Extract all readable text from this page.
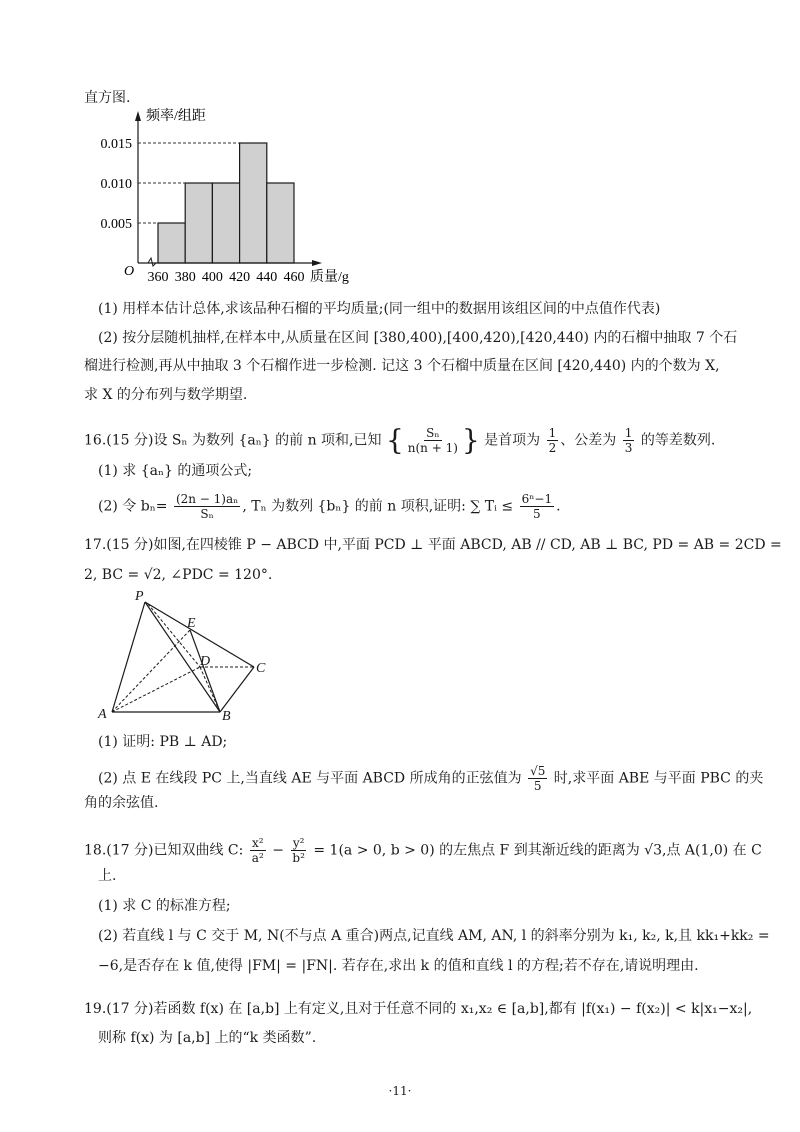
直方图.
0.005
0.010
0.015
频率/组距
O 360 380 400 420 440 460 质量/g
(1) 用样本估计总体,求该品种石榴的平均质量;(同一组中的数据用该组区间的中点值作代表)
(2) 按分层随机抽样,在样本中,从质量在区间 [380,400),[400,420),[420,440) 内的石榴中抽取 7 个石
榴进行检测,再从中抽取 3 个石榴作进一步检测. 记这 3 个石榴中质量在区间 [420,440) 内的个数为 X,
求 X 的分布列与数学期望.
16.(15 分)设 Sₙ 为数列 {aₙ} 的前 n 项和,已知 { $\frac{\text{Sₙ}}{n(n + 1)}$ } 是首项为 $\frac{1}{2}$ 、公差为 $\frac{1}{3}$ 的等差数列.
(1) 求 {aₙ} 的通项公式;
(2) 令 $b_n= \frac{\text{(2n − 1)aₙ}}{\text{Sₙ}}$ , Tₙ 为数列 {bₙ} 的前 n 项积,证明: ∑ Tᵢ ≤ $\frac{\text{6ⁿ−1}}{5}$ .
17.(15 分)如图,在四棱锥 P − ABCD 中,平面 PCD ⊥ 平面 ABCD, AB // CD, AB ⊥ BC, PD = AB = 2CD =
2, BC = √2, ∠PDC = 120°.
P
E
D	C
A	B
(1) 证明: PB ⊥ AD;
(2) 点 E 在线段 PC 上,当直线 AE 与平面 ABCD 所成角的正弦值为 $\frac{√5}{5}$ 时,求平面 ABE 与平面 PBC 的夹
角的余弦值.
18.(17 分)已知双曲线 C: $\frac{\text{x²}}{\text{a²}} - \frac{\text{y²}}{\text{b²}} = 1(a > 0$, b > 0) 的左焦点 F 到其渐近线的距离为 √3,点 A(1,0) 在 C
上.
(1) 求 C 的标准方程;
(2) 若直线 l 与 C 交于 M, N(不与点 A 重合)两点,记直线 AM, AN, l 的斜率分别为 k₁, k₂, k,且 kk₁+kk₂ =
−6,是否存在 k 值,使得 |FM| = |FN|. 若存在,求出 k 的值和直线 l 的方程;若不存在,请说明理由.
19.(17 分)若函数 f(x) 在 [a,b] 上有定义,且对于任意不同的 x₁,x₂ ∈ [a,b],都有 |f(x₁) − f(x₂)| < k|x₁−x₂|,
则称 f(x) 为 [a,b] 上的“k 类函数”.
·11·
